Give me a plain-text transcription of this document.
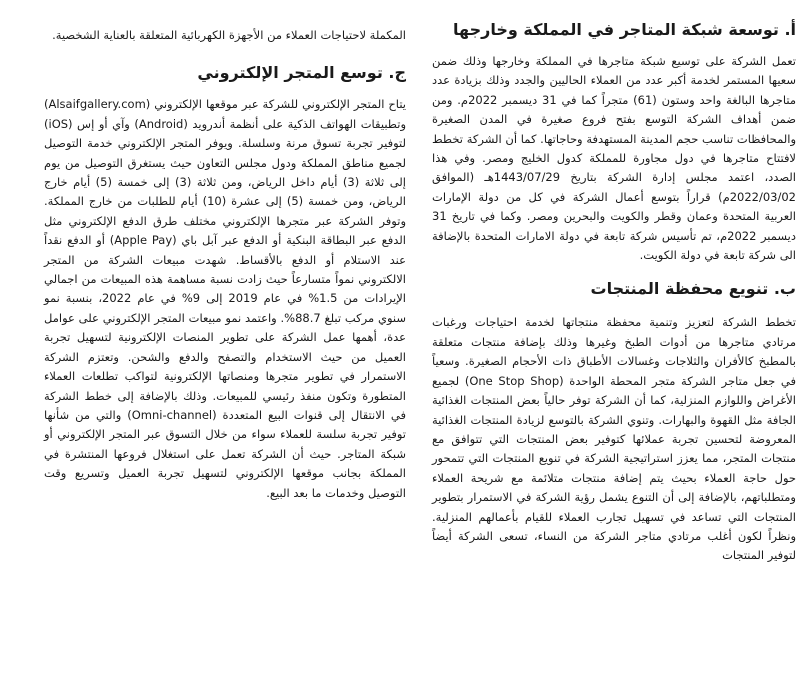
أ. توسعة شبكة المتاجر في المملكة وخارجها

تعمل الشركة على توسيع شبكة متاجرها في المملكة وخارجها وذلك ضمن سعيها المستمر لخدمة أكبر عدد من العملاء الحاليين والجدد وذلك بزيادة عدد متاجرها البالغة واحد وستون (61) متجراً كما في 31 ديسمبر 2022م. ومن ضمن أهداف الشركة التوسع بفتح فروع صغيرة في المدن الصغيرة والمحافظات تناسب حجم المدينة المستهدفة وحاجاتها. كما أن الشركة تخطط لافتتاح متاجرها في دول مجاورة للمملكة كدول الخليج ومصر. وفي هذا الصدد، اعتمد مجلس إدارة الشركة بتاريخ 1443/07/29هـ (الموافق 2022/03/02م) قراراً بتوسع أعمال الشركة في كل من دولة الإمارات العربية المتحدة وعمان وقطر والكويت والبحرين ومصر. وكما في تاريخ 31 ديسمبر 2022م، تم تأسيس شركة تابعة في دولة الامارات المتحدة بالإضافة الى شركة تابعة في دولة الكويت.

ب. تنويع محفظة المنتجات

تخطط الشركة لتعزيز وتنمية محفظة منتجاتها لخدمة احتياجات ورغبات مرتادي متاجرها من أدوات الطبخ وغيرها وذلك بإضافة منتجات متعلقة بالمطبخ كالأفران والثلاجات وغسالات الأطباق ذات الأحجام الصغيرة. وسعياً في جعل متاجر الشركة متجر المحطة الواحدة (One Stop Shop) لجميع الأغراض واللوازم المنزلية، كما أن الشركة توفر حالياً بعض المنتجات الغذائية الجافة مثل القهوة والبهارات. وتنوي الشركة بالتوسع لزيادة المنتجات الغذائية المعروضة لتحسين تجربة عملائها كتوفير بعض المنتجات التي تتوافق مع منتجات المتجر، مما يعزز استراتيجية الشركة في تنويع المنتجات التي تتمحور حول حاجة العملاء بحيث يتم إضافة منتجات متلائمة مع شريحة العملاء ومتطلباتهم، بالإضافة إلى أن التنوع يشمل رؤية الشركة في الاستمرار بتطوير المنتجات التي تساعد في تسهيل تجارب العملاء للقيام بأعمالهم المنزلية. ونظراً لكون أغلب مرتادي متاجر الشركة من النساء، تسعى الشركة أيضاً لتوفير المنتجات

المكملة لاحتياجات العملاء من الأجهزة الكهربائية المتعلقة بالعناية الشخصية.

ج. توسع المتجر الإلكتروني

يتاح المتجر الإلكتروني للشركة عبر موقعها الإلكتروني (Alsaifgallery.com) وتطبيقات الهواتف الذكية على أنظمة أندرويد (Android) وآي أو إس (iOS) لتوفير تجربة تسوق مرنة وسلسلة. ويوفر المتجر الإلكتروني خدمة التوصيل لجميع مناطق المملكة ودول مجلس التعاون حيث يستغرق التوصيل من يوم إلى ثلاثة (3) أيام داخل الرياض، ومن ثلاثة (3) إلى خمسة (5) أيام خارج الرياض، ومن خمسة (5) إلى عشرة (10) أيام للطلبات من خارج المملكة. وتوفر الشركة عبر متجرها الإلكتروني مختلف طرق الدفع الإلكتروني مثل الدفع عبر البطاقة البنكية أو الدفع عبر آبل باي (Apple Pay) أو الدفع نقداً عند الاستلام أو الدفع بالأقساط. شهدت مبيعات الشركة من المتجر الالكتروني نمواً متسارعاً حيث زادت نسبة مساهمة هذه المبيعات من اجمالي الإيرادات من 1.5% في عام 2019 إلى 9% في عام 2022، بنسبة نمو سنوي مركب تبلغ 88.7%. واعتمد نمو مبيعات المتجر الإلكتروني على عوامل عدة، أهمها عمل الشركة على تطوير المنصات الإلكترونية لتسهيل تجربة العميل من حيث الاستخدام والتصفح والدفع والشحن. وتعتزم الشركة الاستمرار في تطوير متجرها ومنصاتها الإلكترونية لتواكب تطلعات العملاء المتطورة وتكون منفذ رئيسي للمبيعات. وذلك بالإضافة إلى خطط الشركة في الانتقال إلى قنوات البيع المتعددة (Omni-channel) والتي من شأنها توفير تجربة سلسة للعملاء سواء من خلال التسوق عبر المتجر الإلكتروني أو شبكة المتاجر. حيث أن الشركة تعمل على استغلال فروعها المنتشرة في المملكة بجانب موقعها الإلكتروني لتسهيل تجربة العميل وتسريع وقت التوصيل وخدمات ما بعد البيع.
